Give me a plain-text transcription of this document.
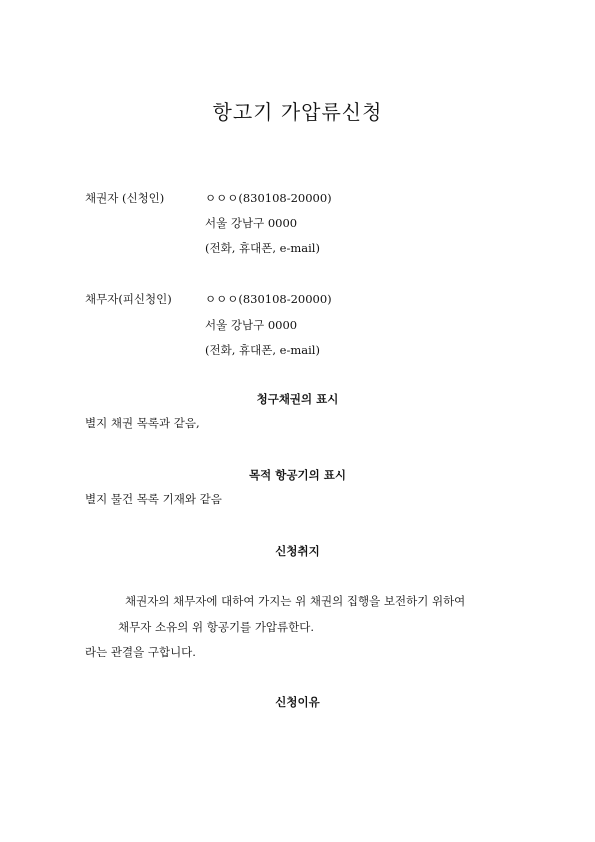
항고기 가압류신청
채권자 (신청인)	ㅇㅇㅇ(830108-20000)
서울 강남구 0000
(전화, 휴대폰, e-mail)
채무자(피신청인)	ㅇㅇㅇ(830108-20000)
서울 강남구 0000
(전화, 휴대폰, e-mail)
청구채권의 표시
별지 채권 목록과 같음,
목적 항공기의 표시
별지 물건 목록 기재와 같음
신청취지
채권자의 채무자에 대하여 가지는 위 채권의 집행을 보전하기 위하여
채무자 소유의 위 항공기를 가압류한다.
라는 관결을 구합니다.
신청이유
